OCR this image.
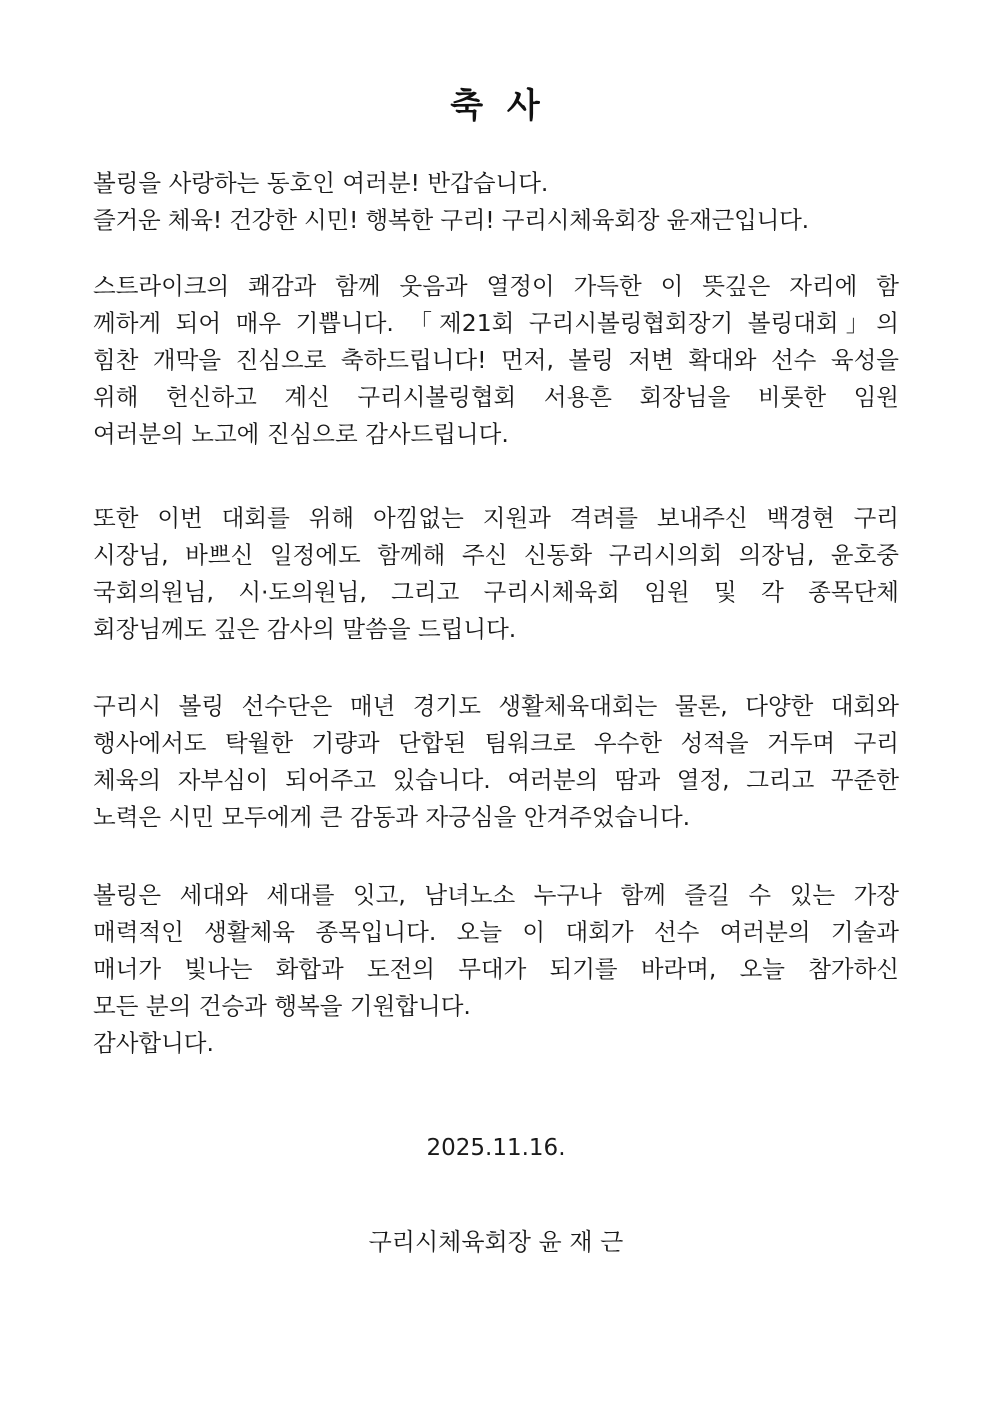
축 사
볼링을 사랑하는 동호인 여러분! 반갑습니다.
즐거운 체육! 건강한 시민! 행복한 구리! 구리시체육회장 윤재근입니다.
스트라이크의 쾌감과 함께 웃음과 열정이 가득한 이 뜻깊은 자리에 함
께하게 되어 매우 기쁩니다. 「제21회 구리시볼링협회장기 볼링대회」의
힘찬 개막을 진심으로 축하드립니다! 먼저, 볼링 저변 확대와 선수 육성을
위해 헌신하고 계신 구리시볼링협회 서용흔 회장님을 비롯한 임원
여러분의 노고에 진심으로 감사드립니다.
또한 이번 대회를 위해 아낌없는 지원과 격려를 보내주신 백경현 구리
시장님, 바쁘신 일정에도 함께해 주신 신동화 구리시의회 의장님, 윤호중
국회의원님, 시·도의원님, 그리고 구리시체육회 임원 및 각 종목단체
회장님께도 깊은 감사의 말씀을 드립니다.
구리시 볼링 선수단은 매년 경기도 생활체육대회는 물론, 다양한 대회와
행사에서도 탁월한 기량과 단합된 팀워크로 우수한 성적을 거두며 구리
체육의 자부심이 되어주고 있습니다. 여러분의 땀과 열정, 그리고 꾸준한
노력은 시민 모두에게 큰 감동과 자긍심을 안겨주었습니다.
볼링은 세대와 세대를 잇고, 남녀노소 누구나 함께 즐길 수 있는 가장
매력적인 생활체육 종목입니다. 오늘 이 대회가 선수 여러분의 기술과
매너가 빛나는 화합과 도전의 무대가 되기를 바라며, 오늘 참가하신
모든 분의 건승과 행복을 기원합니다.
감사합니다.
2025.11.16.
구리시체육회장 윤 재 근
